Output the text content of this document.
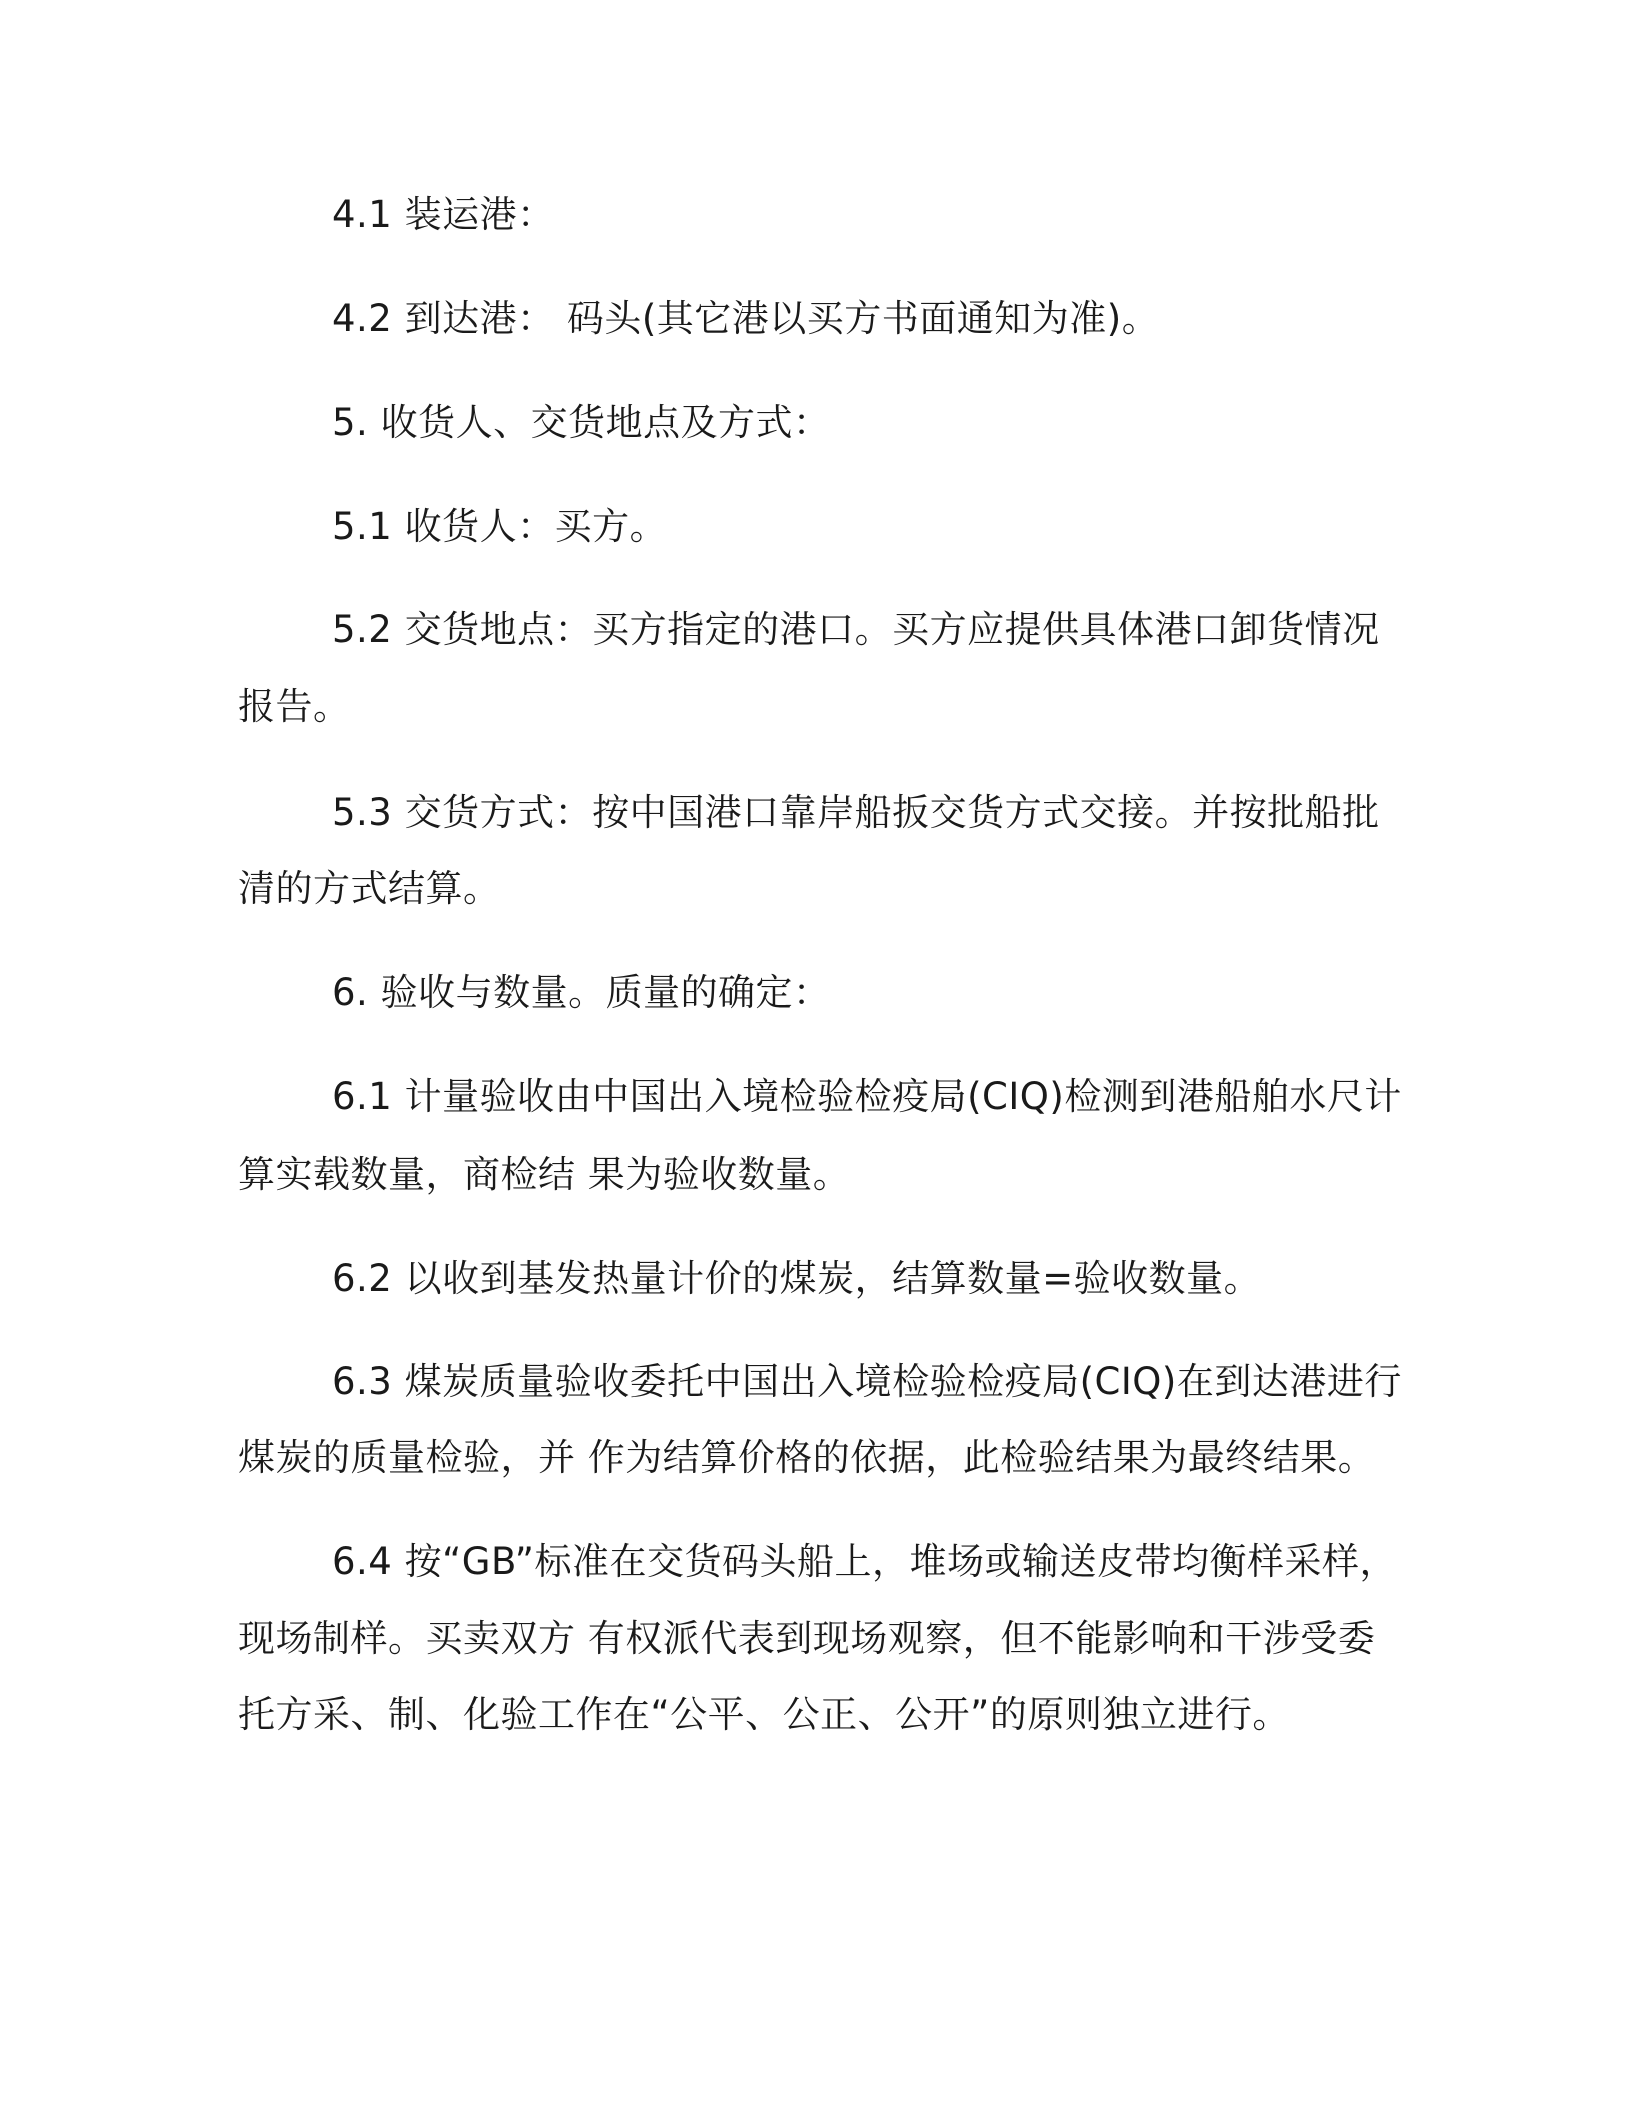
4.1 装运港：
4.2 到达港： 码头(其它港以买方书面通知为准)。
5. 收货人、交货地点及方式：
5.1 收货人：买方。
5.2 交货地点：买方指定的港口。买方应提供具体港口卸货情况
报告。
5.3 交货方式：按中国港口靠岸船扳交货方式交接。并按批船批
清的方式结算。
6. 验收与数量。质量的确定：
6.1 计量验收由中国出入境检验检疫局(CIQ)检测到港船舶水尺计
算实载数量，商检结 果为验收数量。
6.2 以收到基发热量计价的煤炭，结算数量=验收数量。
6.3 煤炭质量验收委托中国出入境检验检疫局(CIQ)在到达港进行
煤炭的质量检验，并 作为结算价格的依据，此检验结果为最终结果。
6.4 按“GB”标准在交货码头船上，堆场或输送皮带均衡样采样，
现场制样。买卖双方 有权派代表到现场观察，但不能影响和干涉受委
托方采、制、化验工作在“公平、公正、公开”的原则独立进行。
